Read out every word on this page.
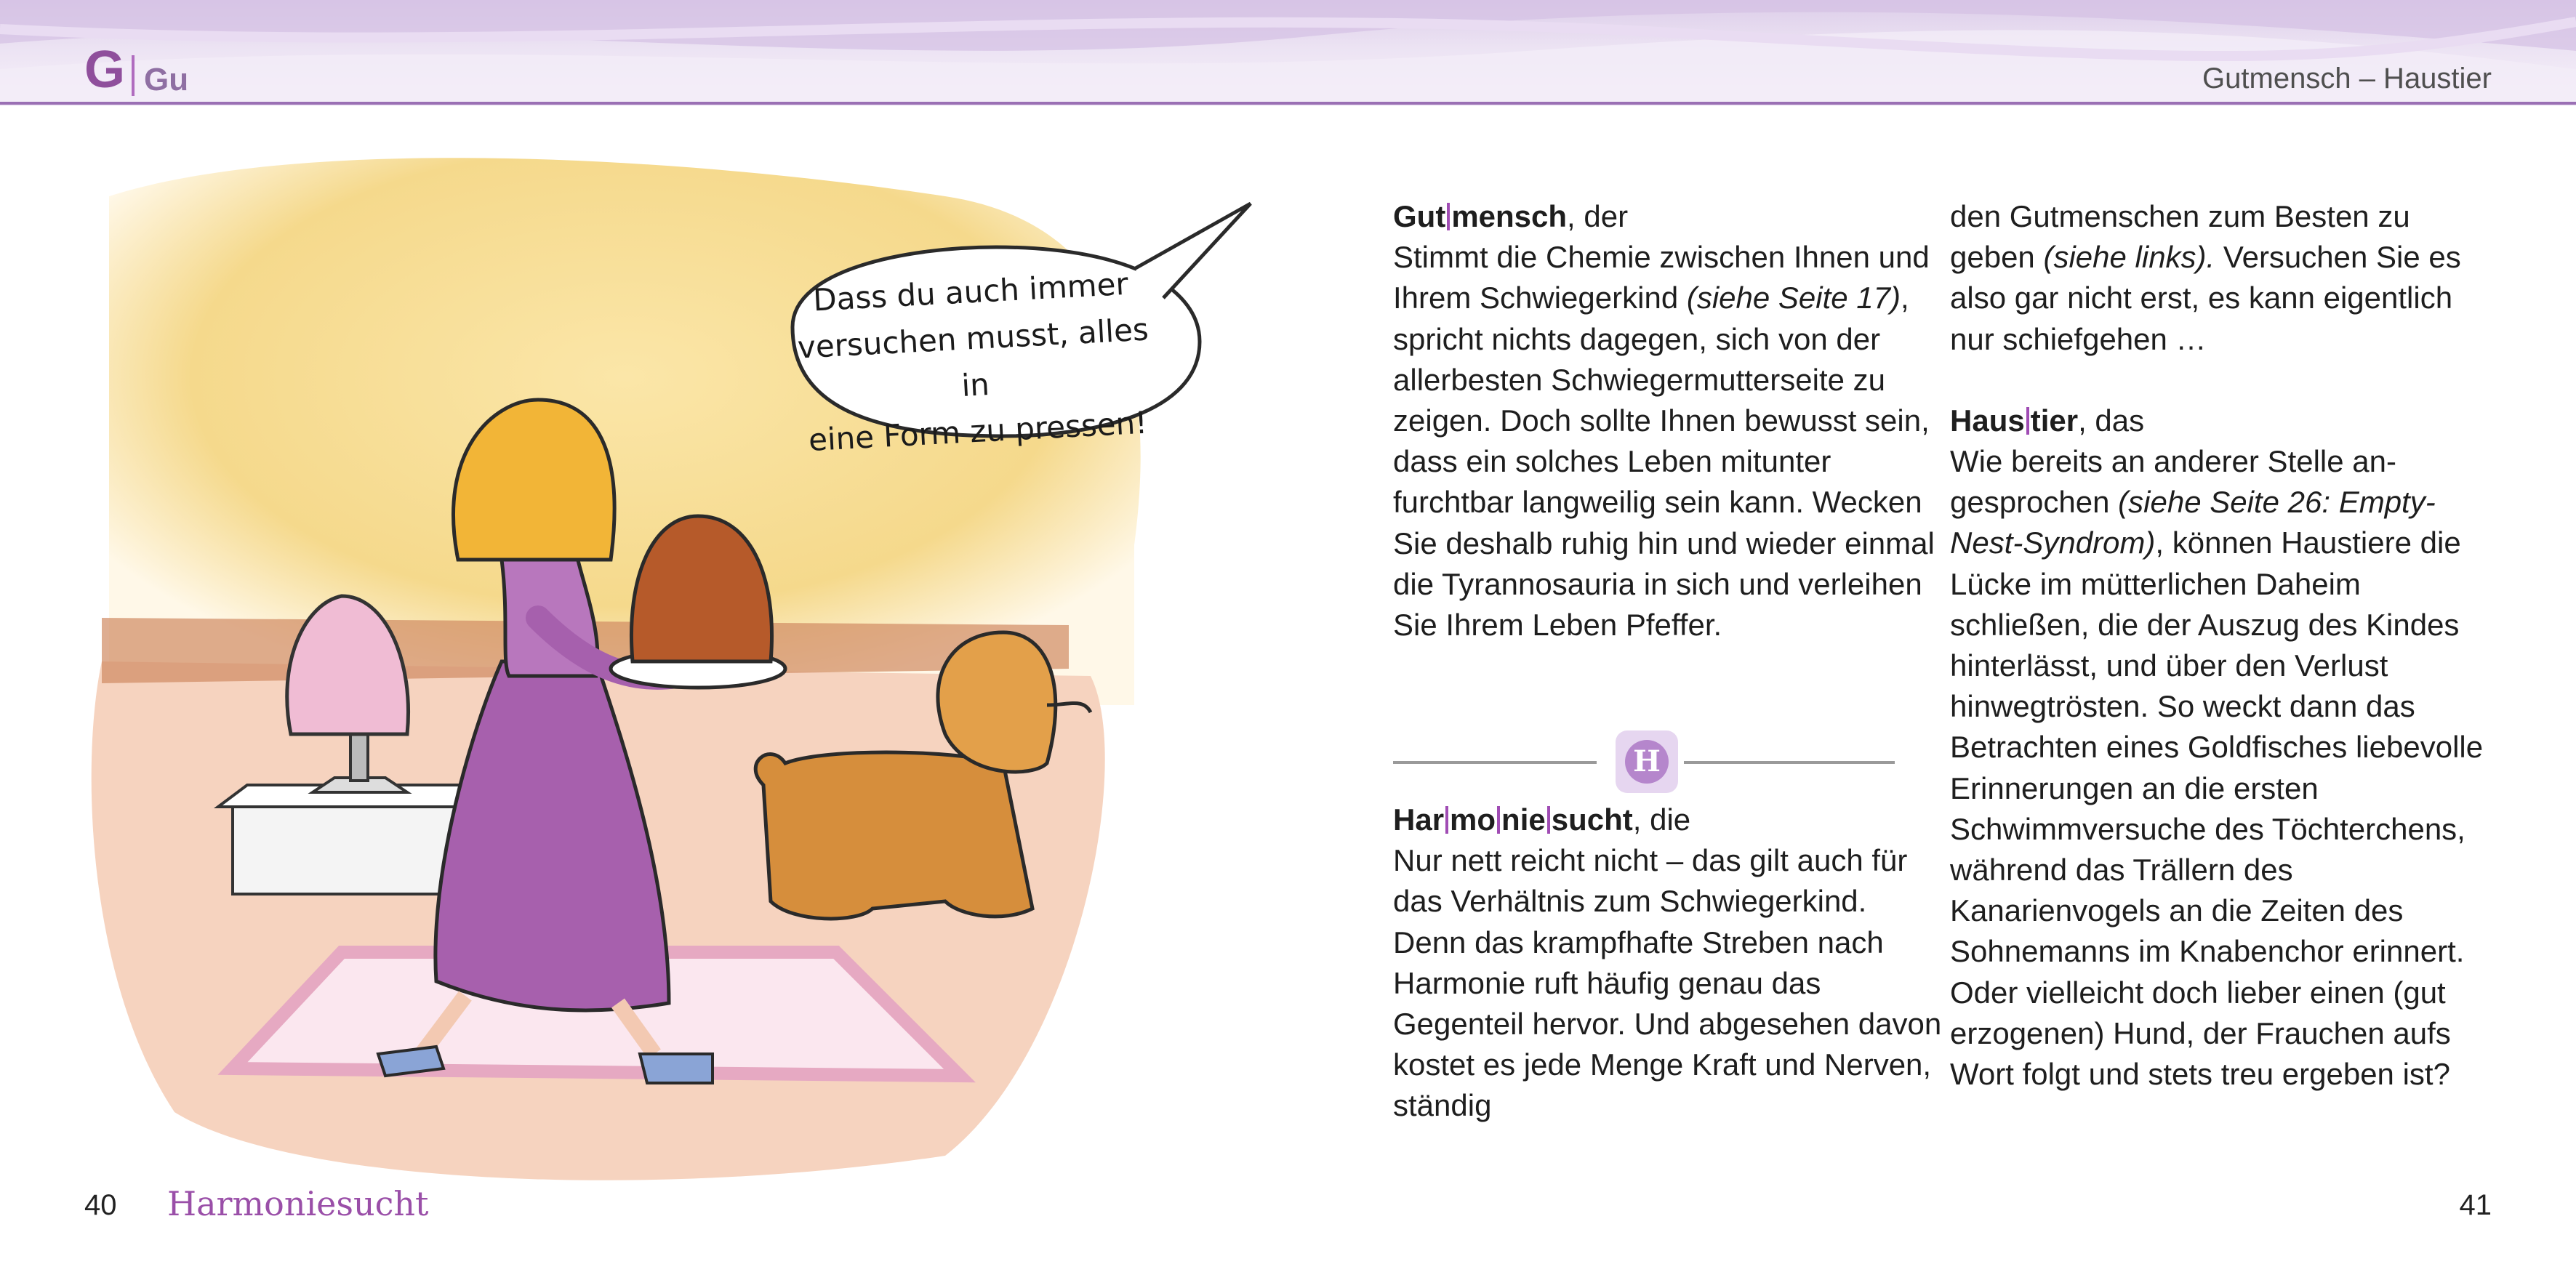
G Gu	Gutmensch – Haustier
Dass du auch immer
versuchen musst, alles in
eine Form zu pressen!
40 Harmoniesucht	41

Gut mensch, der

Stimmt die Chemie zwischen Ihnen und Ihrem Schwiegerkind (siehe Seite 17), spricht nichts dagegen, sich von der allerbesten Schwiegermutterseite zu zeigen. Doch sollte Ihnen bewusst sein, dass ein solches Leben mitunter furchtbar langweilig sein kann. Wecken Sie deshalb ruhig hin und wieder einmal die Tyrannosauria in sich und verleihen Sie Ihrem Leben Pfeffer.

H

Har mo nie sucht, die

Nur nett reicht nicht – das gilt auch für das Verhältnis zum Schwiegerkind. Denn das krampfhafte Streben nach Harmonie ruft häufig genau das Gegenteil hervor. Und abgesehen davon kostet es jede Menge Kraft und Nerven, ständig

den Gutmenschen zum Besten zu geben (siehe links). Versuchen Sie es also gar nicht erst, es kann eigentlich nur schiefgehen …

Haus tier, das

Wie bereits an anderer Stelle angesprochen (siehe Seite 26: Empty-Nest-Syndrom), können Haustiere die Lücke im mütterlichen Daheim schließen, die der Auszug des Kindes hinterlässt, und über den Verlust hinwegtrösten. So weckt dann das Betrachten eines Goldfisches liebevolle Erinnerungen an die ersten Schwimmversuche des Töchterchens, während das Trällern des Kanarienvogels an die Zeiten des Sohnemanns im Knabenchor erinnert. Oder vielleicht doch lieber einen (gut erzogenen) Hund, der Frauchen aufs Wort folgt und stets treu ergeben ist?
